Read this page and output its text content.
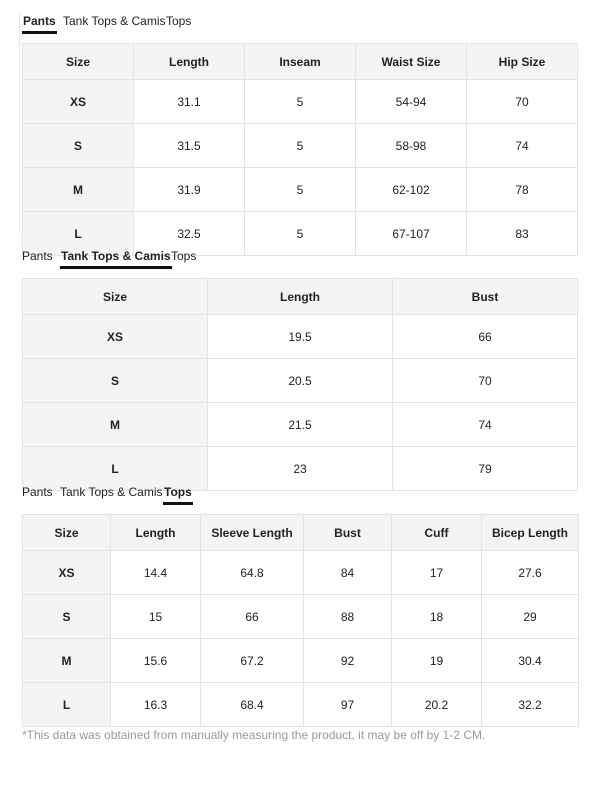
Pants Tank Tops & Camis Tops
Size	Length	Inseam	Waist Size	Hip Size
XS	31.1	5	54-94	70
S	31.5	5	58-98	74
M	31.9	5	62-102	78
L	32.5	5	67-107	83
Pants Tank Tops & Camis Tops
Size	Length	Bust
XS	19.5	66
S	20.5	70
M	21.5	74
L	23	79
Pants Tank Tops & Camis Tops
Size	Length	Sleeve Length	Bust	Cuff	Bicep Length
XS	14.4	64.8	84	17	27.6
S	15	66	88	18	29
M	15.6	67.2	92	19	30.4
L	16.3	68.4	97	20.2	32.2
*This data was obtained from manually measuring the product, it may be off by 1-2 CM.
